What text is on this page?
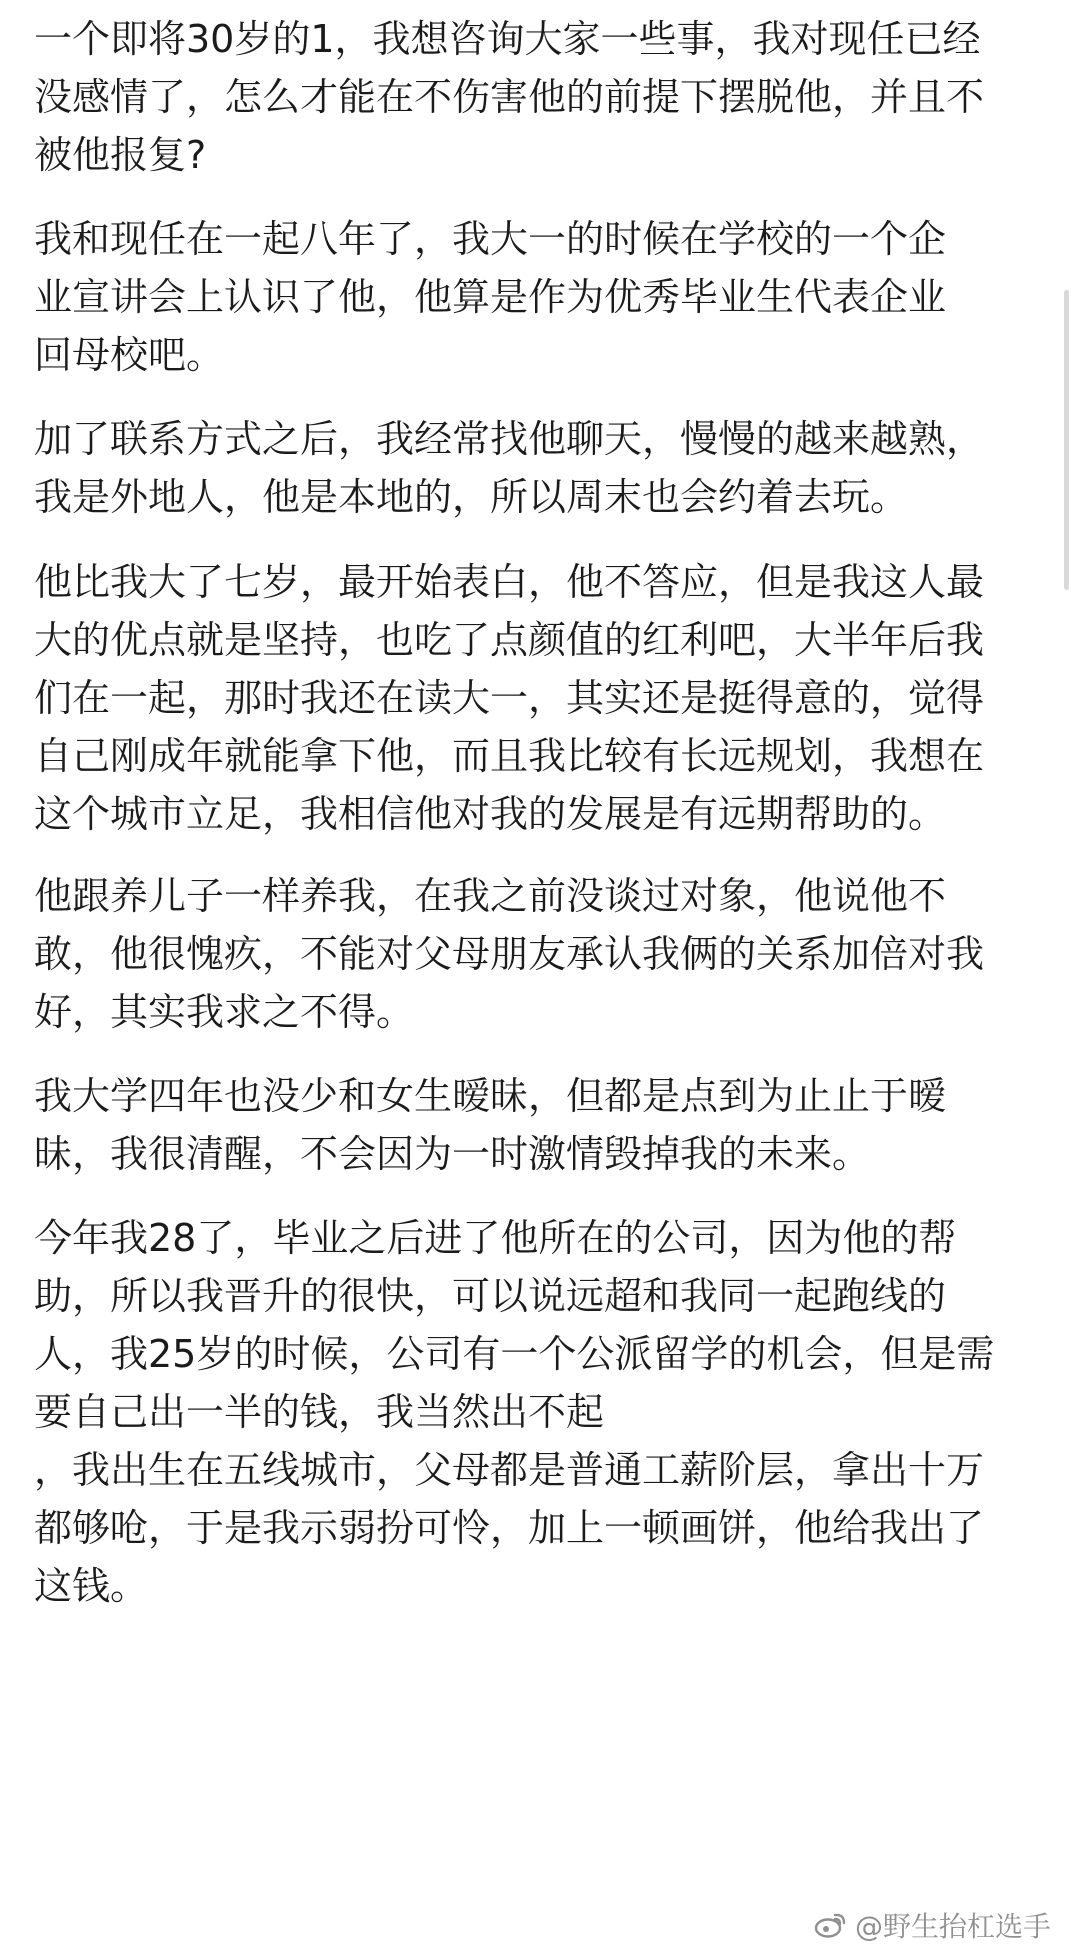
一个即将30岁的1，我想咨询大家一些事，我对现任已经
没感情了，怎么才能在不伤害他的前提下摆脱他，并且不
被他报复?
我和现任在一起八年了，我大一的时候在学校的一个企
业宣讲会上认识了他，他算是作为优秀毕业生代表企业
回母校吧。
加了联系方式之后，我经常找他聊天，慢慢的越来越熟，
我是外地人，他是本地的，所以周末也会约着去玩。
他比我大了七岁，最开始表白，他不答应，但是我这人最
大的优点就是坚持，也吃了点颜值的红利吧，大半年后我
们在一起，那时我还在读大一，其实还是挺得意的，觉得
自己刚成年就能拿下他，而且我比较有长远规划，我想在
这个城市立足，我相信他对我的发展是有远期帮助的。
他跟养儿子一样养我，在我之前没谈过对象，他说他不
敢，他很愧疚，不能对父母朋友承认我俩的关系加倍对我
好，其实我求之不得。
我大学四年也没少和女生暧昧，但都是点到为止止于暧
昧，我很清醒，不会因为一时激情毁掉我的未来。
今年我28了，毕业之后进了他所在的公司，因为他的帮
助，所以我晋升的很快，可以说远超和我同一起跑线的
人，我25岁的时候，公司有一个公派留学的机会，但是需
要自己出一半的钱，我当然出不起
，我出生在五线城市，父母都是普通工薪阶层，拿出十万
都够呛，于是我示弱扮可怜，加上一顿画饼，他给我出了
这钱。
@野生抬杠选手
